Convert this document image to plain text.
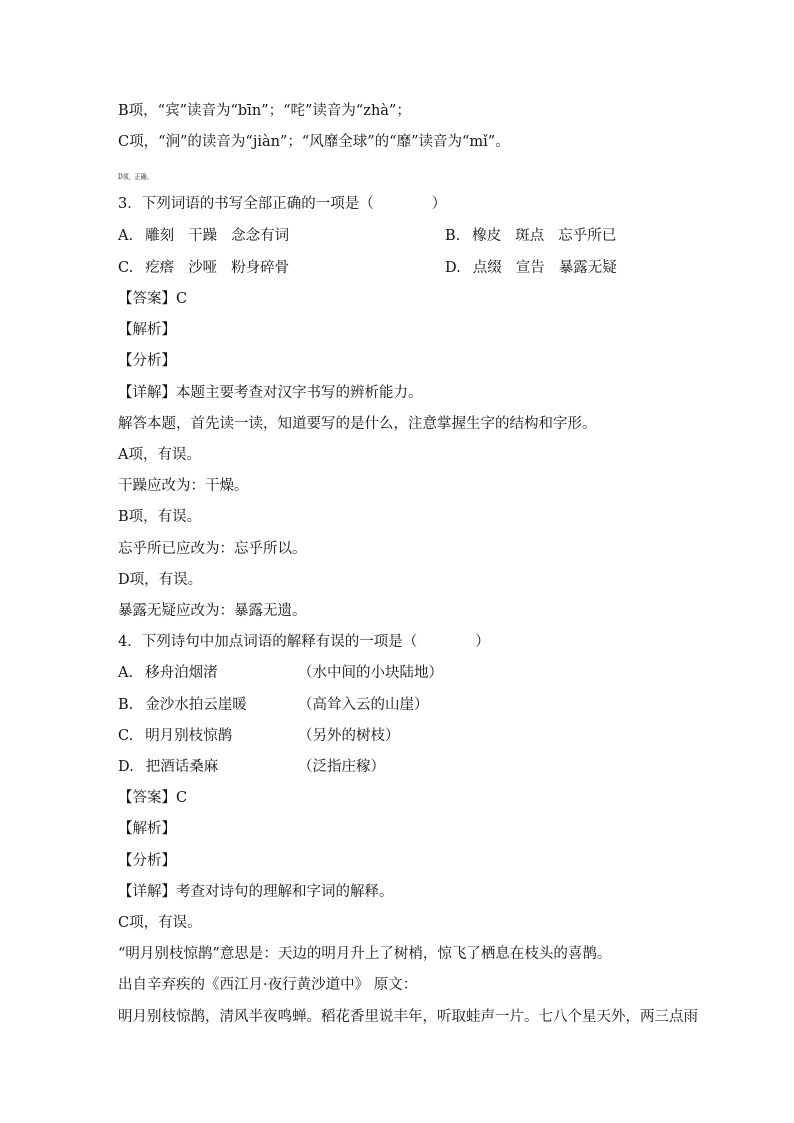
B项，“宾”读音为“bīn”；“咤”读音为“zhà”；
C项，“涧”的读音为“jiàn”；“风靡全球”的“靡”读音为“mǐ”。
D项，正确。
3．下列词语的书写全部正确的一项是（　　　　）
A. 雕刻 干躁 念念有词	B. 橡皮 斑点 忘乎所已
C. 疙瘩 沙哑 粉身碎骨	D. 点缀 宣告 暴露无疑
【答案】C
【解析】
【分析】
【详解】本题主要考查对汉字书写的辨析能力。
解答本题，首先读一读，知道要写的是什么，注意掌握生字的结构和字形。
A项，有误。
干躁应改为：干燥。
B项，有误。
忘乎所已应改为：忘乎所以。
D项，有误。
暴露无疑应改为：暴露无遗。
4．下列诗句中加点词语的解释有误的一项是（　　　　）
A. 移舟泊烟渚	（水中间的小块陆地）
B. 金沙水拍云崖暖	（高耸入云的山崖）
C. 明月别枝惊鹊	（另外的树枝）
D. 把酒话桑麻	（泛指庄稼）
【答案】C
【解析】
【分析】
【详解】考查对诗句的理解和字词的解释。
C项，有误。
“明月别枝惊鹊”意思是：天边的明月升上了树梢，惊飞了栖息在枝头的喜鹊。
出自辛弃疾的《西江月·夜行黄沙道中》 原文：
明月别枝惊鹊，清风半夜鸣蝉。稻花香里说丰年，听取蛙声一片。七八个星天外，两三点雨
